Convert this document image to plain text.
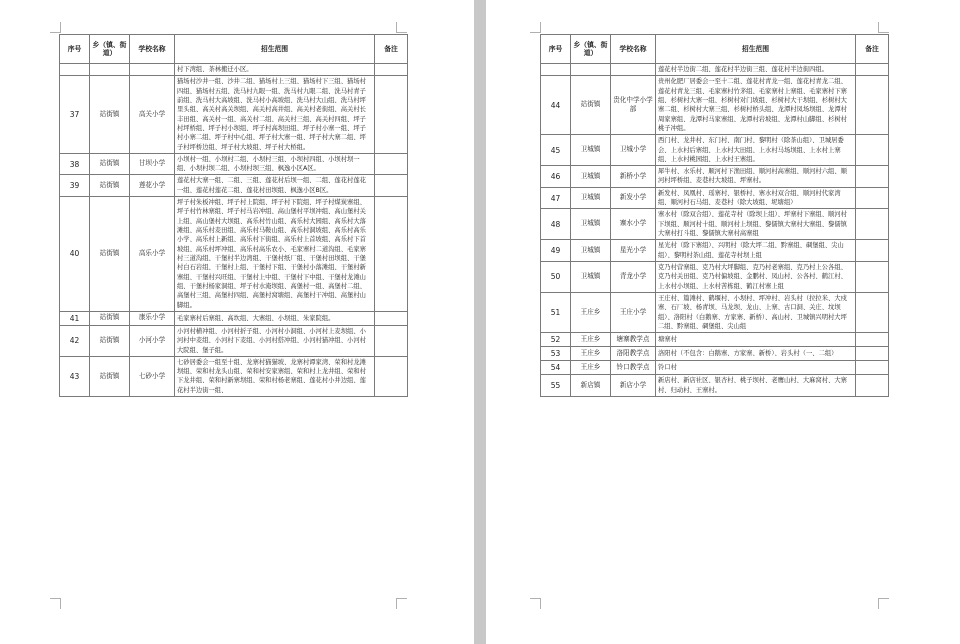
序号	乡（镇、街道）	学校名称	招生范围	备注
			村下湾组、茶林搬迁小区。	
37	站街镇	高关小学	猫场村沙井一组、沙井二组、猫场村上三组、猫场村下三组、猫场村四组、猫场村五组、洗马村九眼一组、洗马村九眼二组、洗马村青子前组、洗马村大高坡组、洗马村小高坡组、洗马村大山组、洗马村坪里头组、高关村高关坝组、高关村高井组、高关村老街组、高关村长丰田组、高关村一组、高关村二组、高关村三组、高关村四组、坪子村坪桥组、坪子村小坝组、坪子村高坝田组、坪子村小寨一组、坪子村小寨二组、坪子村中心组、坪子村大寨一组、坪子村大寨二组、坪子村坪桥边组、坪子村大坡组、坪子村大桥组。	
38	站街镇	甘坝小学	小坝村一组、小坝村二组、小坝村三组、小坝村四组、小坝村坝一组、小坝村坝二组、小坝村坝三组、枫逸小区A区。	
39	站街镇	莲花小学	莲花村大寨一组、二组、三组、莲花村后坝一组、二组、莲花村莲花一组、莲花村莲花二组、莲花村田坝组、枫逸小区B区。	
40	站街镇	高乐小学	坪子村朱板冲组、坪子村上院组、坪子村下院组、坪子村煤炭寨组、坪子村竹林寨组、坪子村马岩冲组、高山堡村平坝冲组、高山堡村关上组、高山堡村大坝组、高乐村竹山组、高乐村大园组、高乐村大落滩组、高乐村麦田组、高乐村马鞍山组、高乐村洞坡组、高乐村高乐小学、高乐村上新组、高乐村下街组、高乐村上首坡组、高乐村下首坡组、高乐村坪冲组、高乐村高乐农小、毛家寨村二道沟组、毛家寨村三道沟组、干堡村半边湾组、干堡村纸厂组、干堡村田坝组、干堡村白石岩组、干堡村上组、干堡村下组、干堡村小落滩组、干堡村新寨组、干堡村兴旺组、干堡村上中组、干堡村下中组、干堡村龙滩山组、干堡村杨家洞组、坪子村水淹坝组、高堡村一组、高堡村二组、高堡村三组、高堡村四组、高堡村窝塘组、高堡村干冲组、高堡村山脚组。	
41	站街镇	康乐小学	毛家寨村后寨组、高坎组、大寨组、小坝组、朱家院组。	
42	站街镇	小河小学	小河村横冲组、小河村折子组、小河村小洞组、小河村上麦坝组、小河村中麦组、小河村下麦组、小河村搭冲组、小河村猫冲组、小河村大院组、堡子组。	
43	站街镇	七砂小学	七砂居委会一组至十组、龙寨村猫猫坡、龙寨村谭家湾、荣和村龙滩坝组、荣和村龙头山组、荣和村安家寨组、荣和村上龙井组、荣和村下龙井组、荣和村新寨坝组、荣和村杨老寨组、莲花村小井边组、莲花村半边街一组、	
序号	乡（镇、街道）	学校名称	招生范围	备注
			莲花村半边街二组、莲花村半边街三组、莲花村半边街四组。	
44	站街镇	贵化中学小学部	贵州化肥厂居委会一至十二组、莲花村青龙一组、莲花村青龙二组、莲花村青龙三组、毛家寨村竹茅组、毛家寨村上寨组、毛家寨村下寨组、杉树村大寨一组、杉树村对门坡组、杉树村大干坝组、杉树村大寨二组、杉树村大寨三组、杉树村桥头组、龙潭村凤场坝组、龙潭村周家寨组、龙潭村马家寨组、龙潭村岩坡组、龙潭村山脚组、杉树村桃子冲组。	
45	卫城镇	卫城小学	西门村、龙井村、东门村、南门村、黎明村（除茶山组）、卫城居委会、上水村后寨组、上水村大田组、上水村马场坝组、上水村上寨组、上水村桃园组、上水村王寨组。	
46	卫城镇	新桥小学	犀牛村、水乐村、顺河村下渔田组、顺河村高寨组、顺河村六组、顺河村坪桥组、麦巷村大坡组、坪寨村。	
47	卫城镇	新发小学	新发村、凤凰村、瑶寨村、银桥村、寨水村双合组、顺河村代家湾组、顺河村石马组、麦巷村（除大坡组、坭塘组）	
48	卫城镇	寨水小学	寨水村（除双合组）、莲花寺村（除坝上组）、坪寨村下寨组、顺河村下坝组、顺河村十组、顺河村上坝组、黎儒镇大寨村大寨组、黎儒镇大寨村打斗组、黎儒镇大寨村高寨组	
49	卫城镇	星光小学	星光村（除下寨组）、兴明村（除大坪二组、黔寨组、碉堡组、尖山组）、黎明村茶山组、莲花寺村坝上组	
50	卫城镇	青龙小学	克乃村营寨组、克乃村大坪脚组、克乃村老寨组、克乃村上公各组、克乃村关田组、克乃村偏坡组、金鹏村、凤山村、公各村、鹤江村、上水村小坝组、上水村苦栋组、鹤江村寨上组	
51	王庄乡	王庄小学	王庄村、篇滩村、鹤堰村、小坝村、坪冲村、岩头村（拉拉米、大戍寨、石厂坡、杨青坝、马龙坝、龙山、上寨、古口洞、关庄、坟坝组）、洛阳村（白鹅寨、方家寨、新桥）、高山村、卫城镇兴明村大坪二组、黔寨组、碉堡组、尖山组	
52	王庄乡	塘寨教学点	塘寨村	
53	王庄乡	洛阳教学点	洛阳村（不包含：白鹅寨、方家寨、新桥）、岩头村（一、二组）	
54	王庄乡	铃口教学点	铃口村	
55	新店镇	新店小学	新店村、新店社区、银杏村、桃子坝村、老鹰山村、大麻窝村、大寨村、归动村、王寨村。	
